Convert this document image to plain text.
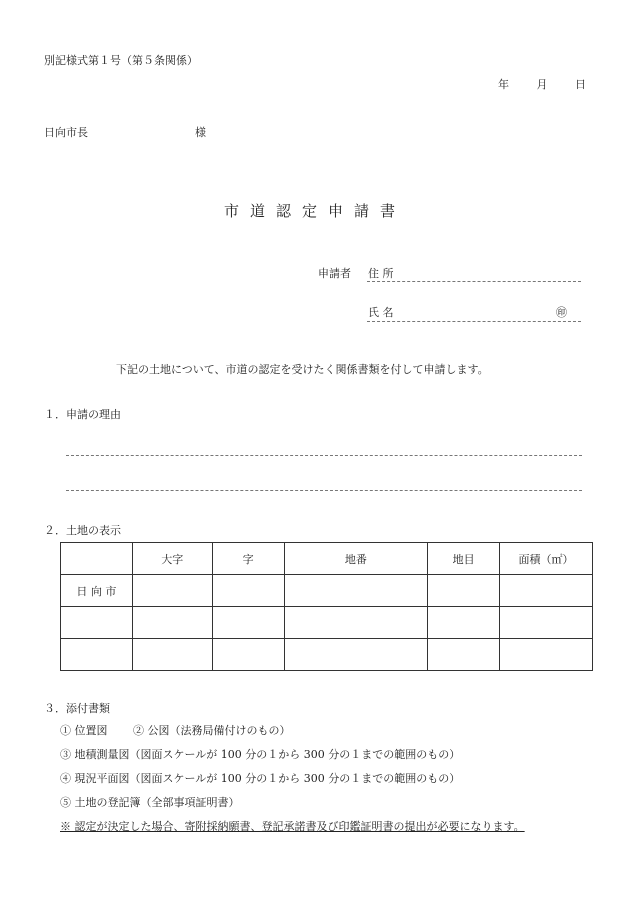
別記様式第１号（第５条関係）
年	月	日
日向市長	様
市道認定申請書
申請者 住 所
氏 名	㊞
下記の土地について、市道の認定を受けたく関係書類を付して申請します。
１．申請の理由
２．土地の表示
	大字	字	地番	地目	面積（㎡）
日 向 市					

３．添付書類
① 位置図　　 ② 公図（法務局備付けのもの）
③ 地積測量図（図面スケールが 100 分の１から 300 分の１までの範囲のもの）
④ 現況平面図（図面スケールが 100 分の１から 300 分の１までの範囲のもの）
⑤ 土地の登記簿（全部事項証明書）
※ 認定が決定した場合、寄附採納願書、登記承諾書及び印鑑証明書の提出が必要になります。
